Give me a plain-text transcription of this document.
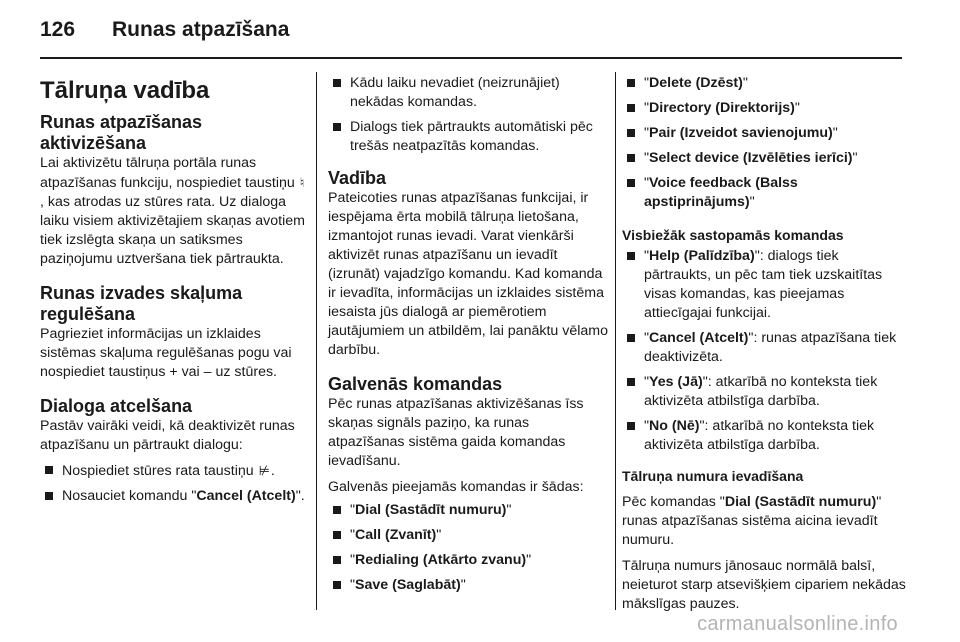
126 Runas atpazīšana
Tālruņa vadība
Runas atpazīšanas aktivizēšana

Lai aktivizētu tālruņa portāla runas atpazīšanas funkciju, nospiediet taustiņu ♮, kas atrodas uz stūres rata. Uz dialoga laiku visiem aktivizētajiem skaņas avotiem tiek izslēgta skaņa un satiksmes paziņojumu uztveršana tiek pārtraukta.

Runas izvades skaļuma regulēšana

Pagrieziet informācijas un izklaides sistēmas skaļuma regulēšanas pogu vai nospiediet taustiņus + vai – uz stūres.

Dialoga atcelšana

Pastāv vairāki veidi, kā deaktivizēt runas atpazīšanu un pārtraukt dialogu:

Nospiediet stūres rata taustiņu ⊭.
Nosauciet komandu "Cancel (Atcelt)".
Kādu laiku nevadiet (neizrunājiet) nekādas komandas.
Dialogs tiek pārtraukts automātiski pēc trešās neatpazītās komandas.
Vadība

Pateicoties runas atpazīšanas funkcijai, ir iespējama ērta mobilā tālruņa lietošana, izmantojot runas ievadi. Varat vienkārši aktivizēt runas atpazīšanu un ievadīt (izrunāt) vajadzīgo komandu. Kad komanda ir ievadīta, informācijas un izklaides sistēma iesaista jūs dialogā ar piemērotiem jautājumiem un atbildēm, lai panāktu vēlamo darbību.

Galvenās komandas

Pēc runas atpazīšanas aktivizēšanas īss skaņas signāls paziņo, ka runas atpazīšanas sistēma gaida komandas ievadīšanu.

Galvenās pieejamās komandas ir šādas:

"Dial (Sastādīt numuru)"
"Call (Zvanīt)"
"Redialing (Atkārto zvanu)"
"Save (Saglabāt)"
"Delete (Dzēst)"
"Directory (Direktorijs)"
"Pair (Izveidot savienojumu)"
"Select device (Izvēlēties ierīci)"
"Voice feedback (Balss apstiprinājums)"
Visbiežāk sastopamās komandas
"Help (Palīdzība)": dialogs tiek pārtraukts, un pēc tam tiek uzskaitītas visas komandas, kas pieejamas attiecīgajai funkcijai.
"Cancel (Atcelt)": runas atpazīšana tiek deaktivizēta.
"Yes (Jā)": atkarībā no konteksta tiek aktivizēta atbilstīga darbība.
"No (Nē)": atkarībā no konteksta tiek aktivizēta atbilstīga darbība.
Tālruņa numura ievadīšana

Pēc komandas "Dial (Sastādīt numuru)" runas atpazīšanas sistēma aicina ievadīt numuru.

Tālruņa numurs jānosauc normālā balsī, neieturot starp atsevišķiem cipariem nekādas mākslīgas pauzes.

carmanualsonline.info
